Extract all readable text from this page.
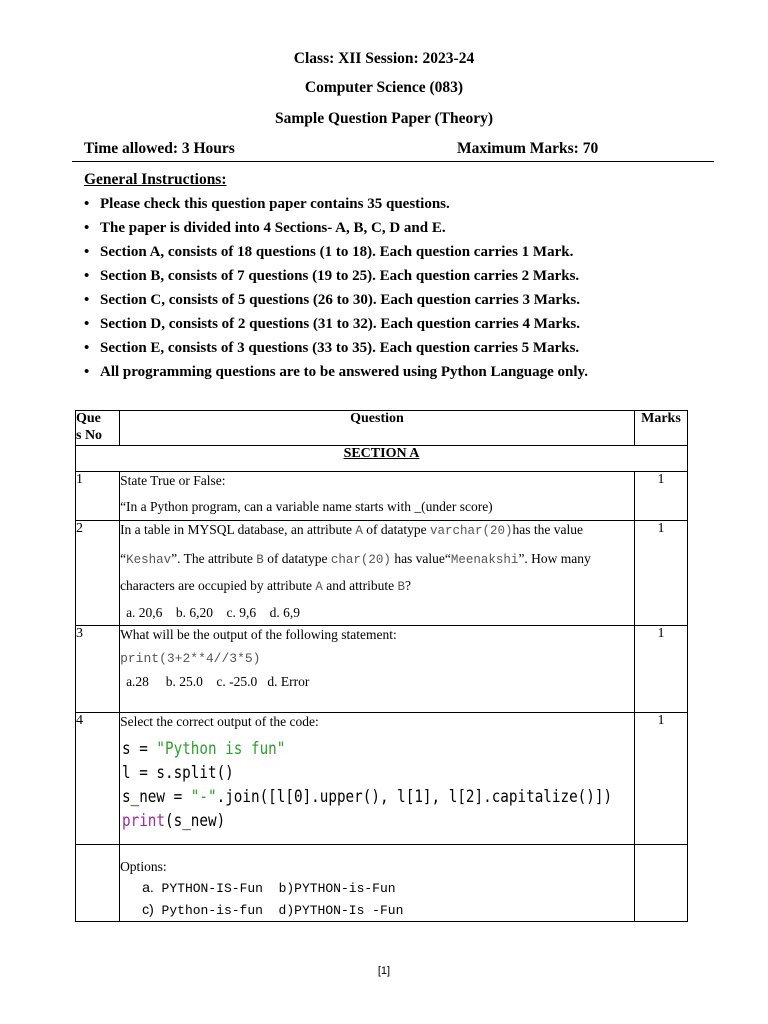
Class: XII Session: 2023-24
Computer Science (083)
Sample Question Paper (Theory)
Time allowed: 3 Hours	Maximum Marks: 70
General Instructions:
• Please check this question paper contains 35 questions.
• The paper is divided into 4 Sections- A, B, C, D and E.
• Section A, consists of 18 questions (1 to 18). Each question carries 1 Mark.
• Section B, consists of 7 questions (19 to 25). Each question carries 2 Marks.
• Section C, consists of 5 questions (26 to 30). Each question carries 3 Marks.
• Section D, consists of 2 questions (31 to 32). Each question carries 4 Marks.
• Section E, consists of 3 questions (33 to 35). Each question carries 5 Marks.
• All programming questions are to be answered using Python Language only.
Que
s No	Question	Marks
SECTION A		
1	State True or False:

“In a Python program, can a variable name starts with _(under score)	1
2	In a table in MYSQL database, an attribute A of datatype varchar(20)has the value

“Keshav”. The attribute B of datatype char(20) has value“Meenakshi”. How many

characters are occupied by attribute A and attribute B?

a. 20,6    b. 6,20    c. 9,6    d. 6,9	1
3	What will be the output of the following statement:

print(3+2**4//3*5)

a.28     b. 25.0    c. -25.0   d. Error	1
4	Select the correct output of the code:

s = "Python is fun"
l = s.split()
s_new = "-".join([l[0].upper(), l[1], l[2].capitalize()])
print(s_new)	1

	Options:

a. PYTHON-IS-Fun  b)PYTHON-is-Fun

c) Python-is-fun  d)PYTHON-Is -Fun	

[1]
